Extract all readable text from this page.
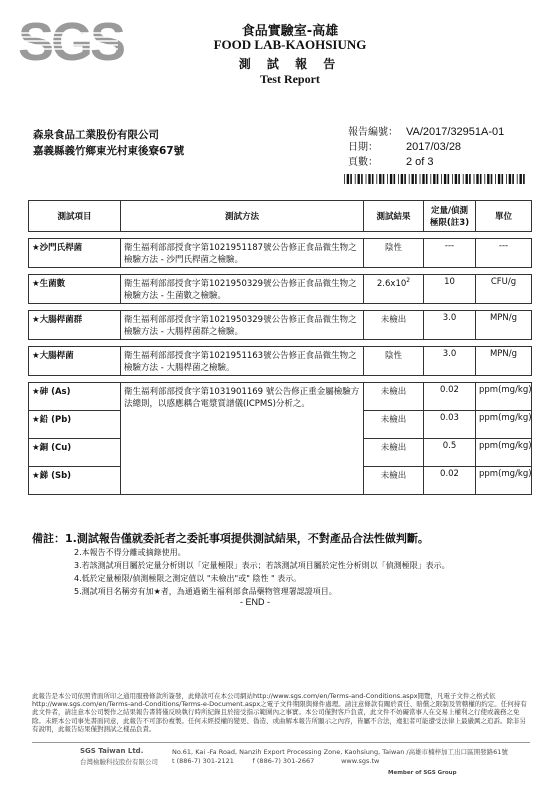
SGS	食品實驗室-高雄
FOOD LAB-KAOHSIUNG
測 試 報 告
Test Report
森泉食品工業股份有限公司
嘉義縣義竹鄉東光村東後寮67號
報告編號： VA/2017/32951A-01
日期：	2017/03/28
頁數：	2 of 3
測試項目	測試方法	測試結果	定量/偵測極限(註3)	單位

★沙門氏桿菌	衛生福利部部授食字第1021951187號公告修正食品微生物之檢驗方法 - 沙門氏桿菌之檢驗。	陰性	---	---

★生菌數	衛生福利部部授食字第1021950329號公告修正食品微生物之檢驗方法 - 生菌數之檢驗。	$2.6x10^2$	10	CFU/g

★大腸桿菌群	衛生福利部部授食字第1021950329號公告修正食品微生物之檢驗方法 - 大腸桿菌群之檢驗。	未檢出	3.0	MPN/g

★大腸桿菌	衛生福利部部授食字第1021951163號公告修正食品微生物之檢驗方法 - 大腸桿菌之檢驗。	陰性	3.0	MPN/g

★砷 (As)	衛生福利部部授食字第1031901169 號公告修正重金屬檢驗方法總則，以感應耦合電漿質譜儀(ICPMS)分析之。	未檢出	0.02	ppm(mg/kg)
★鉛 (Pb)		未檢出	0.03	ppm(mg/kg)
★銅 (Cu)		未檢出	0.5	ppm(mg/kg)
★銻 (Sb)		未檢出	0.02	ppm(mg/kg)
備註：1.測試報告僅就委託者之委託事項提供測試結果，不對產品合法性做判斷。
2.本報告不得分離或摘錄使用。
3.若該測試項目屬於定量分析則以「定量極限」表示；若該測試項目屬於定性分析則以「偵測極限」表示。
4.低於定量極限/偵測極限之測定值以 "未檢出"或" 陰性 " 表示。
5.測試項目名稱旁有加★者，為通過衛生福利部食品藥物管理署認證項目。
- END -
此報告是本公司依照背面所印之通用服務條款所簽發，此條款可在本公司網站http://www.sgs.com/en/Terms-and-Conditions.aspx閱覽，凡電子文件之格式依http://www.sgs.com/en/Terms-and-Conditions/Terms-e-Document.aspx之電子文件期限與條件處理。請注意條款有關於責任、賠償之限制及管轄權的約定。任何持有此文件者，請注意本公司製作之結果報告書將僅反映執行時所紀錄且於接受指示範圍內之事實。本公司僅對客戶負責，此文件不妨礙當事人在交易上權利之行使或義務之免除。未經本公司事先書面同意，此報告不可部份複製。任何未經授權的變更、偽造、或曲解本報告所顯示之內容，皆屬不合法，違犯者可能遭受法律上最嚴厲之追訴。除非另有說明，此報告結果僅對測試之樣品負責。
SGS Taiwan Ltd.
台灣檢驗科技股份有限公司
No.61, Kai -Fa Road, Nanzih Export Processing Zone, Kaohsiung, Taiwan /高雄市楠梓加工出口區開發路61號
t (886-7) 301-2121	f (886-7) 301-2667	www.sgs.tw
Member of SGS Group
